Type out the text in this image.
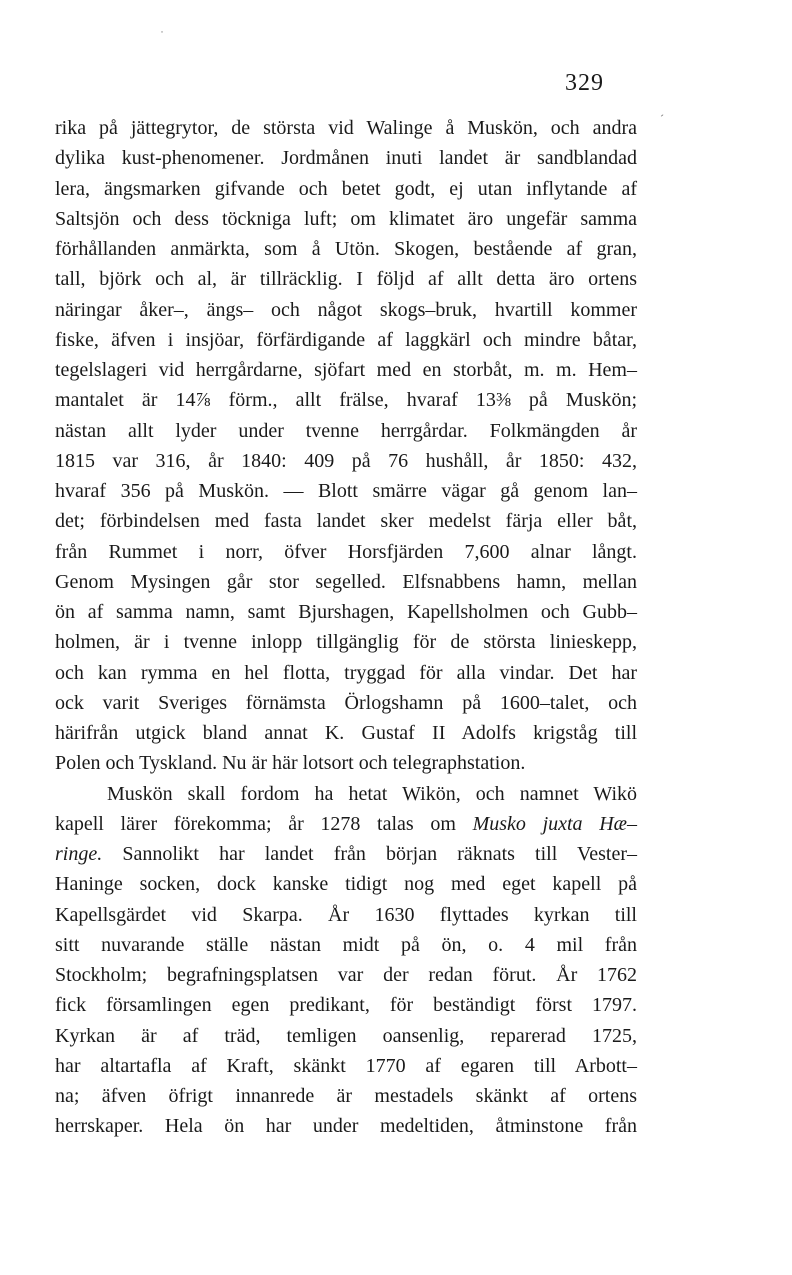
˙
´
329
rika på jättegrytor, de största vid Walinge å Muskön, och andra
dylika kust-phenomener. Jordmånen inuti landet är sandblandad
lera, ängsmarken gifvande och betet godt, ej utan inflytande af
Saltsjön och dess töckniga luft; om klimatet äro ungefär samma
förhållanden anmärkta, som å Utön. Skogen, bestående af gran,
tall, björk och al, är tillräcklig. I följd af allt detta äro ortens
näringar åker–, ängs– och något skogs–bruk, hvartill kommer
fiske, äfven i insjöar, förfärdigande af laggkärl och mindre båtar,
tegelslageri vid herrgårdarne, sjöfart med en storbåt, m. m. Hem–
mantalet är 14⅞ förm., allt frälse, hvaraf 13⅜ på Muskön;
nästan allt lyder under tvenne herrgårdar. Folkmängden år
1815 var 316, år 1840: 409 på 76 hushåll, år 1850: 432,
hvaraf 356 på Muskön. — Blott smärre vägar gå genom lan–
det; förbindelsen med fasta landet sker medelst färja eller båt,
från Rummet i norr, öfver Horsfjärden 7,600 alnar långt.
Genom Mysingen går stor segelled. Elfsnabbens hamn, mellan
ön af samma namn, samt Bjurshagen, Kapellsholmen och Gubb–
holmen, är i tvenne inlopp tillgänglig för de största linieskepp,
och kan rymma en hel flotta, tryggad för alla vindar. Det har
ock varit Sveriges förnämsta Örlogshamn på 1600–talet, och
härifrån utgick bland annat K. Gustaf II Adolfs krigståg till
Polen och Tyskland. Nu är här lotsort och telegraphstation.
Muskön skall fordom ha hetat Wikön, och namnet Wikö
kapell lärer förekomma; år 1278 talas om Musko juxta Hæ–
ringe. Sannolikt har landet från början räknats till Vester–
Haninge socken, dock kanske tidigt nog med eget kapell på
Kapellsgärdet vid Skarpa. År 1630 flyttades kyrkan till
sitt nuvarande ställe nästan midt på ön, o. 4 mil från
Stockholm; begrafningsplatsen var der redan förut. År 1762
fick församlingen egen predikant, för beständigt först 1797.
Kyrkan är af träd, temligen oansenlig, reparerad 1725,
har altartafla af Kraft, skänkt 1770 af egaren till Arbott–
na; äfven öfrigt innanrede är mestadels skänkt af ortens
herrskaper. Hela ön har under medeltiden, åtminstone från
